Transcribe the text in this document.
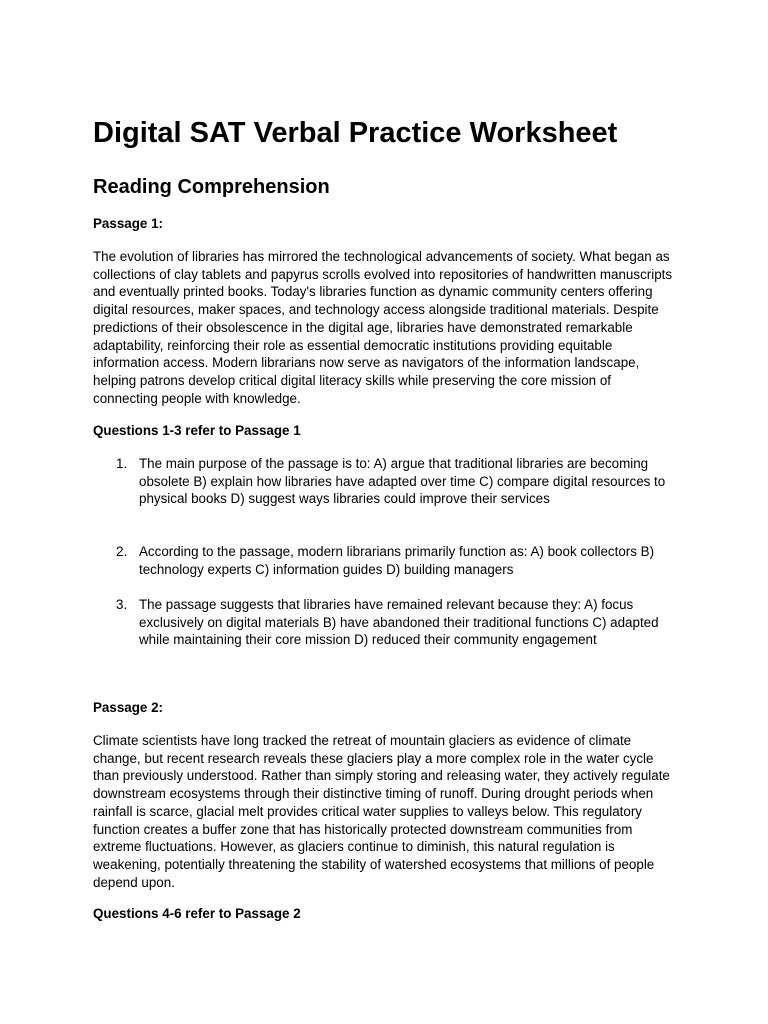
Digital SAT Verbal Practice Worksheet
Reading Comprehension

Passage 1:

The evolution of libraries has mirrored the technological advancements of society. What began as collections of clay tablets and papyrus scrolls evolved into repositories of handwritten manuscripts and eventually printed books. Today's libraries function as dynamic community centers offering digital resources, maker spaces, and technology access alongside traditional materials. Despite predictions of their obsolescence in the digital age, libraries have demonstrated remarkable adaptability, reinforcing their role as essential democratic institutions providing equitable information access. Modern librarians now serve as navigators of the information landscape, helping patrons develop critical digital literacy skills while preserving the core mission of connecting people with knowledge.

Questions 1-3 refer to Passage 1

1. The main purpose of the passage is to: A) argue that traditional libraries are becoming obsolete B) explain how libraries have adapted over time C) compare digital resources to physical books D) suggest ways libraries could improve their services
2. According to the passage, modern librarians primarily function as: A) book collectors B) technology experts C) information guides D) building managers
3. The passage suggests that libraries have remained relevant because they: A) focus exclusively on digital materials B) have abandoned their traditional functions C) adapted while maintaining their core mission D) reduced their community engagement

Passage 2:

Climate scientists have long tracked the retreat of mountain glaciers as evidence of climate change, but recent research reveals these glaciers play a more complex role in the water cycle than previously understood. Rather than simply storing and releasing water, they actively regulate downstream ecosystems through their distinctive timing of runoff. During drought periods when rainfall is scarce, glacial melt provides critical water supplies to valleys below. This regulatory function creates a buffer zone that has historically protected downstream communities from extreme fluctuations. However, as glaciers continue to diminish, this natural regulation is weakening, potentially threatening the stability of watershed ecosystems that millions of people depend upon.

Questions 4-6 refer to Passage 2
